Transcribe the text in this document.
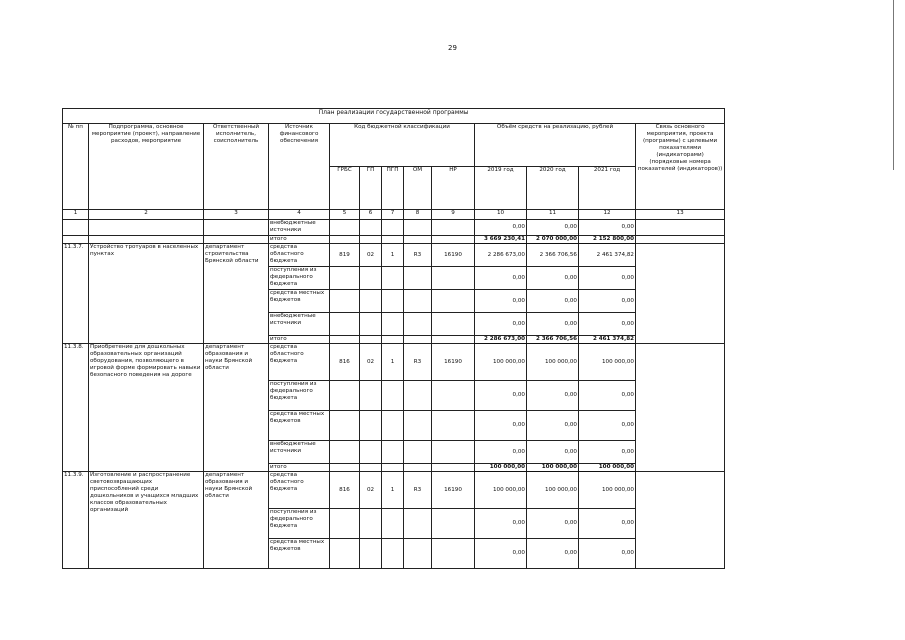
29
План реализации государственной программы												
№ пп	Подпрограмма, основное мероприятие (проект), направление расходов, мероприятие	Ответственный исполнитель, соисполнитель	Источник финансового обеспечения	Код бюджетной классификации					Объём средств на реализацию, рублей			Связь основного мероприятия, проекта (программы) с целевыми показателями (индикаторами) (порядковые номера показателей (индикаторов))
				ГРБС	ГП	ПГП	ОМ	НР	2019 год	2020 год	2021 год	
1	2	3	4	5	6	7	8	9	10	11	12	13
			внебюджетные источники						0,00	0,00	0,00	
			итого						3 669 230,41	2 070 000,00	2 152 800,00	
11.3.7.	Устройство тротуаров в населенных пунктах	департамент строительства Брянской области	средства областного бюджета	819	02	1	R3	16190	2 286 673,00	2 366 706,56	2 461 374,82	
			поступления из федерального бюджета						0,00	0,00	0,00	
			средства местных бюджетов						0,00	0,00	0,00	
			внебюджетные источники						0,00	0,00	0,00	
			итого						2 286 673,00	2 366 706,56	2 461 374,82	
11.3.8.	Приобретение для дошкольных образовательных организаций оборудования, позволяющего в игровой форме формировать навыки безопасного поведения на дороге	департамент образования и науки Брянской области	средства областного бюджета	816	02	1	R3	16190	100 000,00	100 000,00	100 000,00	
			поступления из федерального бюджета						0,00	0,00	0,00	
			средства местных бюджетов						0,00	0,00	0,00	
			внебюджетные источники						0,00	0,00	0,00	
			итого						100 000,00	100 000,00	100 000,00	
11.3.9.	Изготовление и распространение световозвращающих приспособлений среди дошкольников и учащихся младших классов образовательных организаций	департамент образования и науки Брянской области	средства областного бюджета	816	02	1	R3	16190	100 000,00	100 000,00	100 000,00	
			поступления из федерального бюджета						0,00	0,00	0,00	
			средства местных бюджетов						0,00	0,00	0,00	
